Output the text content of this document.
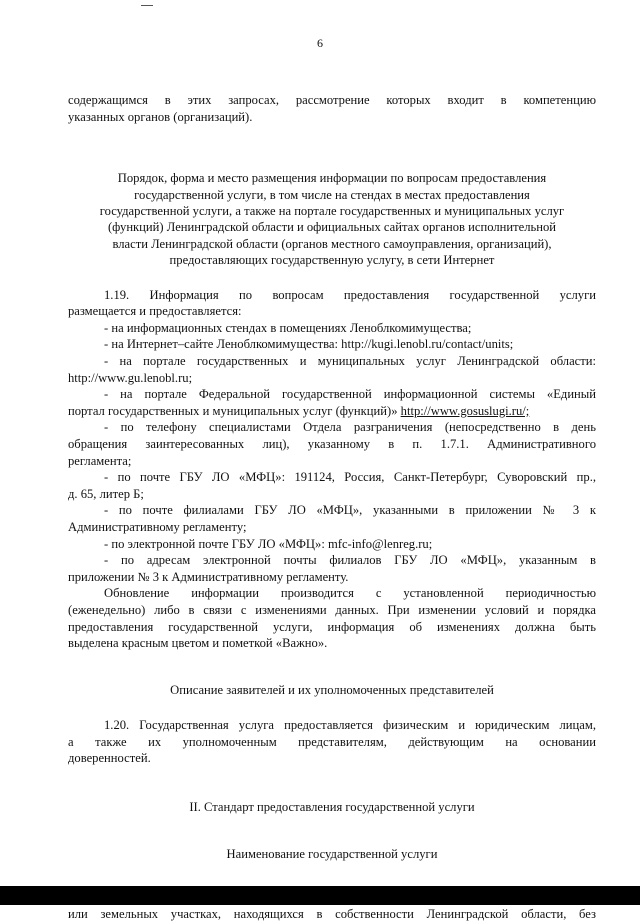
6

содержащимся в этих запросах, рассмотрение которых входит в компетенцию

указанных органов (организаций).

Порядок, форма и место размещения информации по вопросам предоставления

государственной услуги, в том числе на стендах в местах предоставления

государственной услуги, а также на портале государственных и муниципальных услуг

(функций) Ленинградской области и официальных сайтах органов исполнительной

власти Ленинградской области (органов местного самоуправления, организаций),

предоставляющих государственную услугу, в сети Интернет

1.19. Информация по вопросам предоставления государственной услуги

размещается и предоставляется:

- на информационных стендах в помещениях Леноблкомимущества;

- на Интернет–сайте Леноблкомимущества: http://kugi.lenobl.ru/contact/units;

- на портале государственных и муниципальных услуг Ленинградской области:

http://www.gu.lenobl.ru;

- на портале Федеральной государственной информационной системы «Единый

портал государственных и муниципальных услуг (функций)» http://www.gosuslugi.ru/;

- по телефону специалистами Отдела разграничения (непосредственно в день

обращения заинтересованных лиц), указанному в п. 1.7.1. Административного

регламента;

- по почте ГБУ ЛО «МФЦ»: 191124, Россия, Санкт-Петербург, Суворовский пр.,

д. 65, литер Б;

- по почте филиалами ГБУ ЛО «МФЦ», указанными в приложении № 3 к

Административному регламенту;

- по электронной почте ГБУ ЛО «МФЦ»: mfc-info@lenreg.ru;

- по адресам электронной почты филиалов ГБУ ЛО «МФЦ», указанным в

приложении № 3 к Административному регламенту.

Обновление информации производится с установленной периодичностью

(еженедельно) либо в связи с изменениями данных. При изменении условий и порядка

предоставления государственной услуги, информация об изменениях должна быть

выделена красным цветом и пометкой «Важно».

Описание заявителей и их уполномоченных представителей

1.20. Государственная услуга предоставляется физическим и юридическим лицам,

а также их уполномоченным представителям, действующим на основании

доверенностей.

II. Стандарт предоставления государственной услуги

Наименование государственной услуги

или земельных участках, находящихся в собственности Ленинградской области, без
